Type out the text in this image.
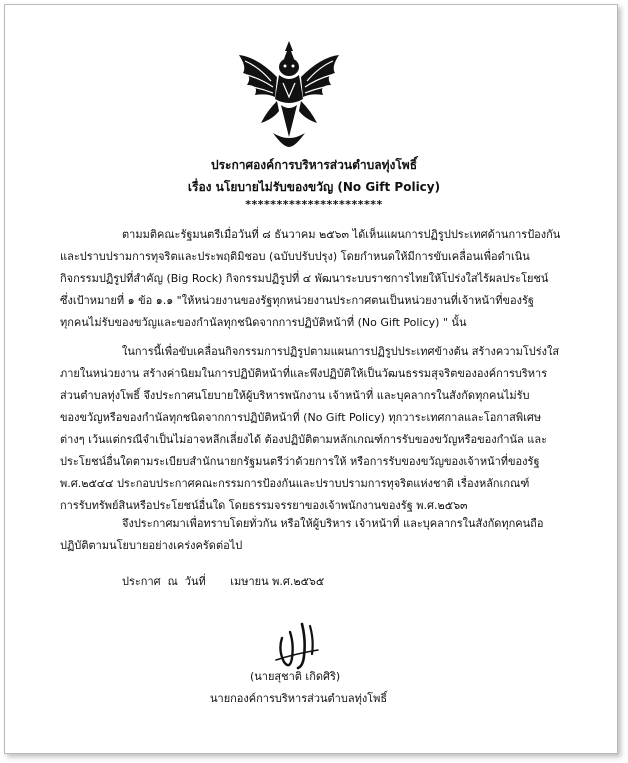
ประกาศองค์การบริหารส่วนตำบลทุ่งโพธิ์
เรื่อง นโยบายไม่รับของขวัญ (No Gift Policy)
**********************
ตามมติคณะรัฐมนตรีเมื่อวันที่ ๘ ธันวาคม ๒๕๖๓ ได้เห็นแผนการปฏิรูปประเทศด้านการป้องกัน
และปราบปรามการทุจริตและประพฤติมิชอบ (ฉบับปรับปรุง) โดยกำหนดให้มีการขับเคลื่อนเพื่อดำเนิน
กิจกรรมปฏิรูปที่สำคัญ (Big Rock) กิจกรรมปฏิรูปที่ ๔ พัฒนาระบบราชการไทยให้โปร่งใสไร้ผลประโยชน์
ซึ่งเป้าหมายที่ ๑ ข้อ ๑.๑ "ให้หน่วยงานของรัฐทุกหน่วยงานประกาศตนเป็นหน่วยงานที่เจ้าหน้าที่ของรัฐ
ทุกคนไม่รับของขวัญและของกำนัลทุกชนิดจากการปฏิบัติหน้าที่ (No Gift Policy) " นั้น
ในการนี้เพื่อขับเคลื่อนกิจกรรมการปฏิรูปตามแผนการปฏิรูปประเทศข้างต้น สร้างความโปร่งใส
ภายในหน่วยงาน สร้างค่านิยมในการปฏิบัติหน้าที่และพึงปฏิบัติให้เป็นวัฒนธรรมสุจริตขององค์การบริหาร
ส่วนตำบลทุ่งโพธิ์ จึงประกาศนโยบายให้ผู้บริหารพนักงาน เจ้าหน้าที่ และบุคลากรในสังกัดทุกคนไม่รับ
ของขวัญหรือของกำนัลทุกชนิดจากการปฏิบัติหน้าที่ (No Gift Policy) ทุกวาระเทศกาลและโอกาสพิเศษ
ต่างๆ เว้นแต่กรณีจำเป็นไม่อาจหลีกเลี่ยงได้ ต้องปฏิบัติตามหลักเกณฑ์การรับของขวัญหรือของกำนัล และ
ประโยชน์อื่นใดตามระเบียบสำนักนายกรัฐมนตรีว่าด้วยการให้ หรือการรับของขวัญของเจ้าหน้าที่ของรัฐ
พ.ศ.๒๕๔๔ ประกอบประกาศคณะกรรมการป้องกันและปราบปรามการทุจริตแห่งชาติ เรื่องหลักเกณฑ์
การรับทรัพย์สินหรือประโยชน์อื่นใด โดยธรรมจรรยาของเจ้าพนักงานของรัฐ พ.ศ.๒๕๖๓
จึงประกาศมาเพื่อทราบโดยทั่วกัน หรือให้ผู้บริหาร เจ้าหน้าที่ และบุคลากรในสังกัดทุกคนถือ
ปฏิบัติตามนโยบายอย่างเคร่งครัดต่อไป
ประกาศ  ณ  วันที่       เมษายน พ.ศ.๒๕๖๕
(นายสุชาติ เกิดศิริ)
นายกองค์การบริหารส่วนตำบลทุ่งโพธิ์
